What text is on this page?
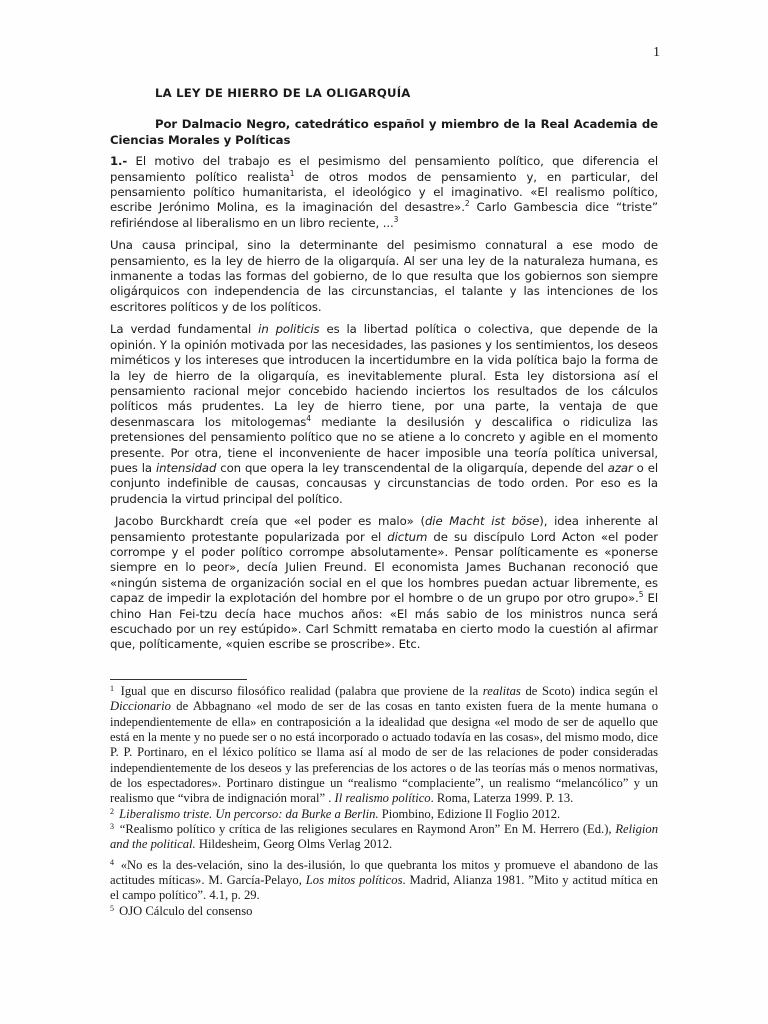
1
LA LEY DE HIERRO DE LA OLIGARQUÍA
Por Dalmacio Negro, catedrático español y miembro de la Real Academia de Ciencias Morales y Políticas

1.- El motivo del trabajo es el pesimismo del pensamiento político, que diferencia el pensamiento político realista$^1$ de otros modos de pensamiento y, en particular, del pensamiento político humanitarista, el ideológico y el imaginativo. «El realismo político, escribe Jerónimo Molina, es la imaginación del desastre».$^2$ Carlo Gambescia dice “triste” refiriéndose al liberalismo en un libro reciente, ...$^3$

Una causa principal, sino la determinante del pesimismo connatural a ese modo de pensamiento, es la ley de hierro de la oligarquía. Al ser una ley de la naturaleza humana, es inmanente a todas las formas del gobierno, de lo que resulta que los gobiernos son siempre oligárquicos con independencia de las circunstancias, el talante y las intenciones de los escritores políticos y de los políticos.

La verdad fundamental in politicis es la libertad política o colectiva, que depende de la opinión. Y la opinión motivada por las necesidades, las pasiones y los sentimientos, los deseos miméticos y los intereses que introducen la incertidumbre en la vida política bajo la forma de la ley de hierro de la oligarquía, es inevitablemente plural. Esta ley distorsiona así el pensamiento racional mejor concebido haciendo inciertos los resultados de los cálculos políticos más prudentes. La ley de hierro tiene, por una parte, la ventaja de que desenmascara los mitologemas$^4$ mediante la desilusión y descalifica o ridiculiza las pretensiones del pensamiento político que no se atiene a lo concreto y agible en el momento presente. Por otra, tiene el inconveniente de hacer imposible una teoría política universal, pues la intensidad con que opera la ley transcendental de la oligarquía, depende del azar o el conjunto indefinible de causas, concausas y circunstancias de todo orden. Por eso es la prudencia la virtud principal del político.

Jacobo Burckhardt creía que «el poder es malo» (die Macht ist böse), idea inherente al pensamiento protestante popularizada por el dictum de su discípulo Lord Acton «el poder corrompe y el poder político corrompe absolutamente». Pensar políticamente es «ponerse siempre en lo peor», decía Julien Freund. El economista James Buchanan reconoció que «ningún sistema de organización social en el que los hombres puedan actuar libremente, es capaz de impedir la explotación del hombre por el hombre o de un grupo por otro grupo».$^5$ El chino Han Fei-tzu decía hace muchos años: «El más sabio de los ministros nunca será escuchado por un rey estúpido». Carl Schmitt remataba en cierto modo la cuestión al afirmar que, políticamente, «quien escribe se proscribe». Etc.

$^1$ Igual que en discurso filosófico realidad (palabra que proviene de la realitas de Scoto) indica según el Diccionario de Abbagnano «el modo de ser de las cosas en tanto existen fuera de la mente humana o independientemente de ella» en contraposición a la idealidad que designa «el modo de ser de aquello que está en la mente y no puede ser o no está incorporado o actuado todavía en las cosas», del mismo modo, dice P. P. Portinaro, en el léxico político se llama así al modo de ser de las relaciones de poder consideradas independientemente de los deseos y las preferencias de los actores o de las teorías más o menos normativas, de los espectadores». Portinaro distingue un “realismo “complaciente”, un realismo “melancólico” y un realismo que “vibra de indignación moral” . Il realismo político. Roma, Laterza 1999. P. 13.

$^2$ Liberalismo triste. Un percorso: da Burke a Berlin. Piombino, Edizione Il Foglio 2012.

$^3$ “Realismo político y crítica de las religiones seculares en Raymond Aron” En M. Herrero (Ed.), Religion and the political. Hildesheim, Georg Olms Verlag 2012.

$^4$ «No es la des-velación, sino la des-ilusión, lo que quebranta los mitos y promueve el abandono de las actitudes míticas». M. García-Pelayo, Los mitos políticos. Madrid, Alianza 1981. ”Mito y actitud mítica en el campo político”. 4.1, p. 29.

$^5$ OJO Cálculo del consenso
